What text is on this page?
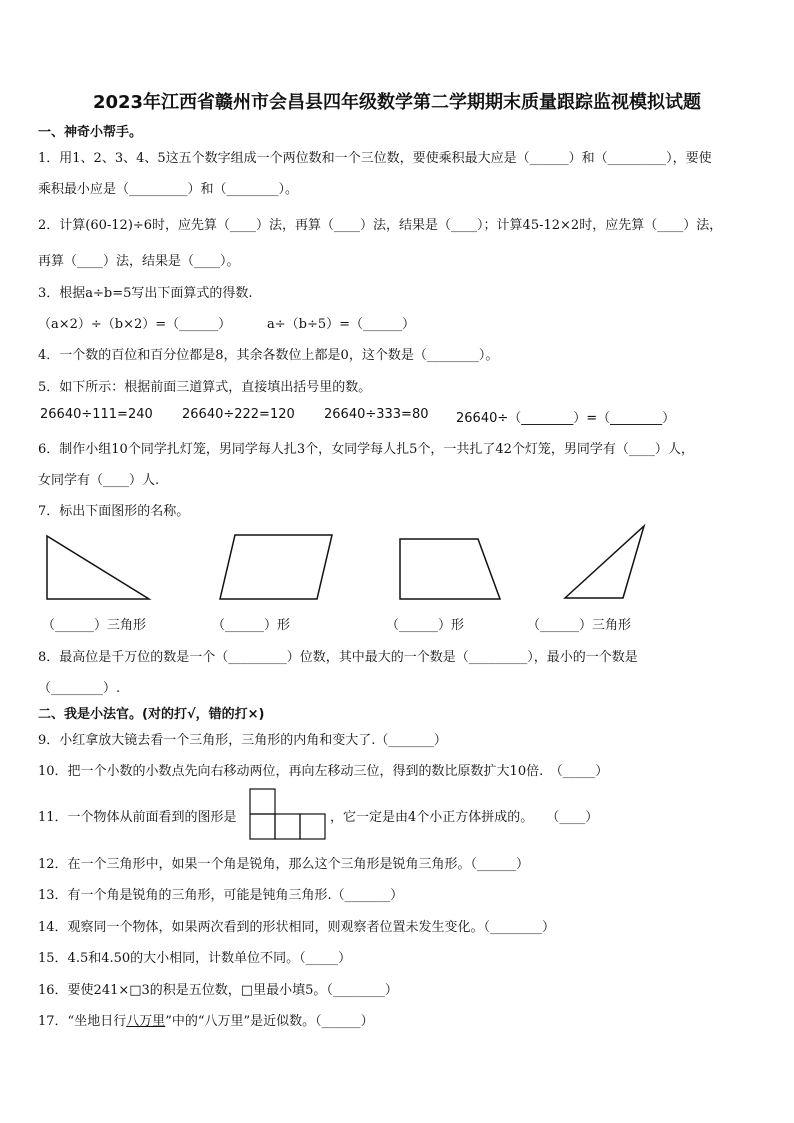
2023年江西省赣州市会昌县四年级数学第二学期期末质量跟踪监视模拟试题
一、神奇小帮手。
1．用1、2、3、4、5这五个数字组成一个两位数和一个三位数，要使乘积最大应是（______）和（_________），要使
乘积最小应是（_________）和（________）。
2．计算(60-12)÷6时，应先算（____）法，再算（____）法，结果是（____）；计算45-12×2时，应先算（____）法，
再算（____）法，结果是（____）。
3．根据a÷b=5写出下面算式的得数.
（a×2）÷（b×2）=（______）	a÷（b÷5）=（______）
4．一个数的百位和百分位都是8，其余各数位上都是0，这个数是（________）。
5．如下所示：根据前面三道算式，直接填出括号里的数。
26640÷111=240 26640÷222=120 26640÷333=80 26640÷（________）=（________）
6．制作小组10个同学扎灯笼，男同学每人扎3个，女同学每人扎5个，一共扎了42个灯笼，男同学有（____）人，
女同学有（____）人.
7．标出下面图形的名称。
（______）三角形	（______）形	（______）形	（______）三角形
8．最高位是千万位的数是一个（_________）位数，其中最大的一个数是（_________），最小的一个数是
（________）.
二、我是小法官。(对的打√，错的打×)
9．小红拿放大镜去看一个三角形，三角形的内角和变大了.（_______）
10．把一个小数的小数点先向右移动两位，再向左移动三位，得到的数比原数扩大10倍.　（_____）
11．一个物体从前面看到的图形是	，它一定是由4个小正方体拼成的。　　（____）
12．在一个三角形中，如果一个角是锐角，那么这个三角形是锐角三角形。（______）
13．有一个角是锐角的三角形，可能是钝角三角形.（_______）
14．观察同一个物体，如果两次看到的形状相同，则观察者位置未发生变化。（________）
15．4.5和4.50的大小相同，计数单位不同。（_____）
16．要使241×□3的积是五位数，□里最小填5。（________）
17．“坐地日行八万里”中的“八万里”是近似数。（______）
